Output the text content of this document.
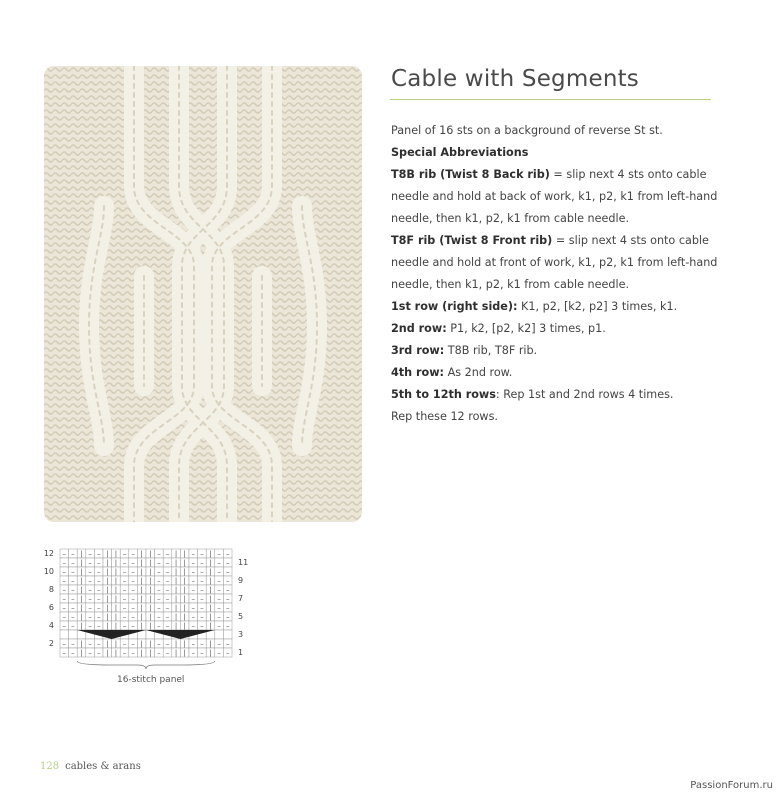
Cable with Segments

Panel of 16 sts on a background of reverse St st.

Special Abbreviations

T8B rib (Twist 8 Back rib) = slip next 4 sts onto cable needle and hold at back of work, k1, p2, k1 from left-hand needle, then k1, p2, k1 from cable needle.

T8F rib (Twist 8 Front rib) = slip next 4 sts onto cable needle and hold at front of work, k1, p2, k1 from left-hand needle, then k1, p2, k1 from cable needle.

1st row (right side): K1, p2, [k2, p2] 3 times, k1.

2nd row: P1, k2, [p2, k2] 3 times, p1.

3rd row: T8B rib, T8F rib.

4th row: As 2nd row.

5th to 12th rows: Rep 1st and 2nd rows 4 times.

Rep these 12 rows.

– – | – – | | – – | | – – | | – – | – –
– – | – – | | – – | | – – | | – – | – –
– – | – – | | – – | | – – | | – – | – –
– – | – – | | – – | | – – | | – – | – –
– – | – – | | – – | | – – | | – – | – –
– – | – – | | – – | | – – | | – – | – –
– – | – – | | – – | | – – | | – – | – –
– – | – – | | – – | | – – | | – – | – –
– – | – – | | – – | | – – | | – – | – –
– – | – – | | – – | | – – | | – – | – –
– – | – – | | – – | | – – | | – – | – –
12
10
8
6
4
2
11
9
7
5
3
1
16-stitch panel
128 cables & arans
PassionForum.ru
